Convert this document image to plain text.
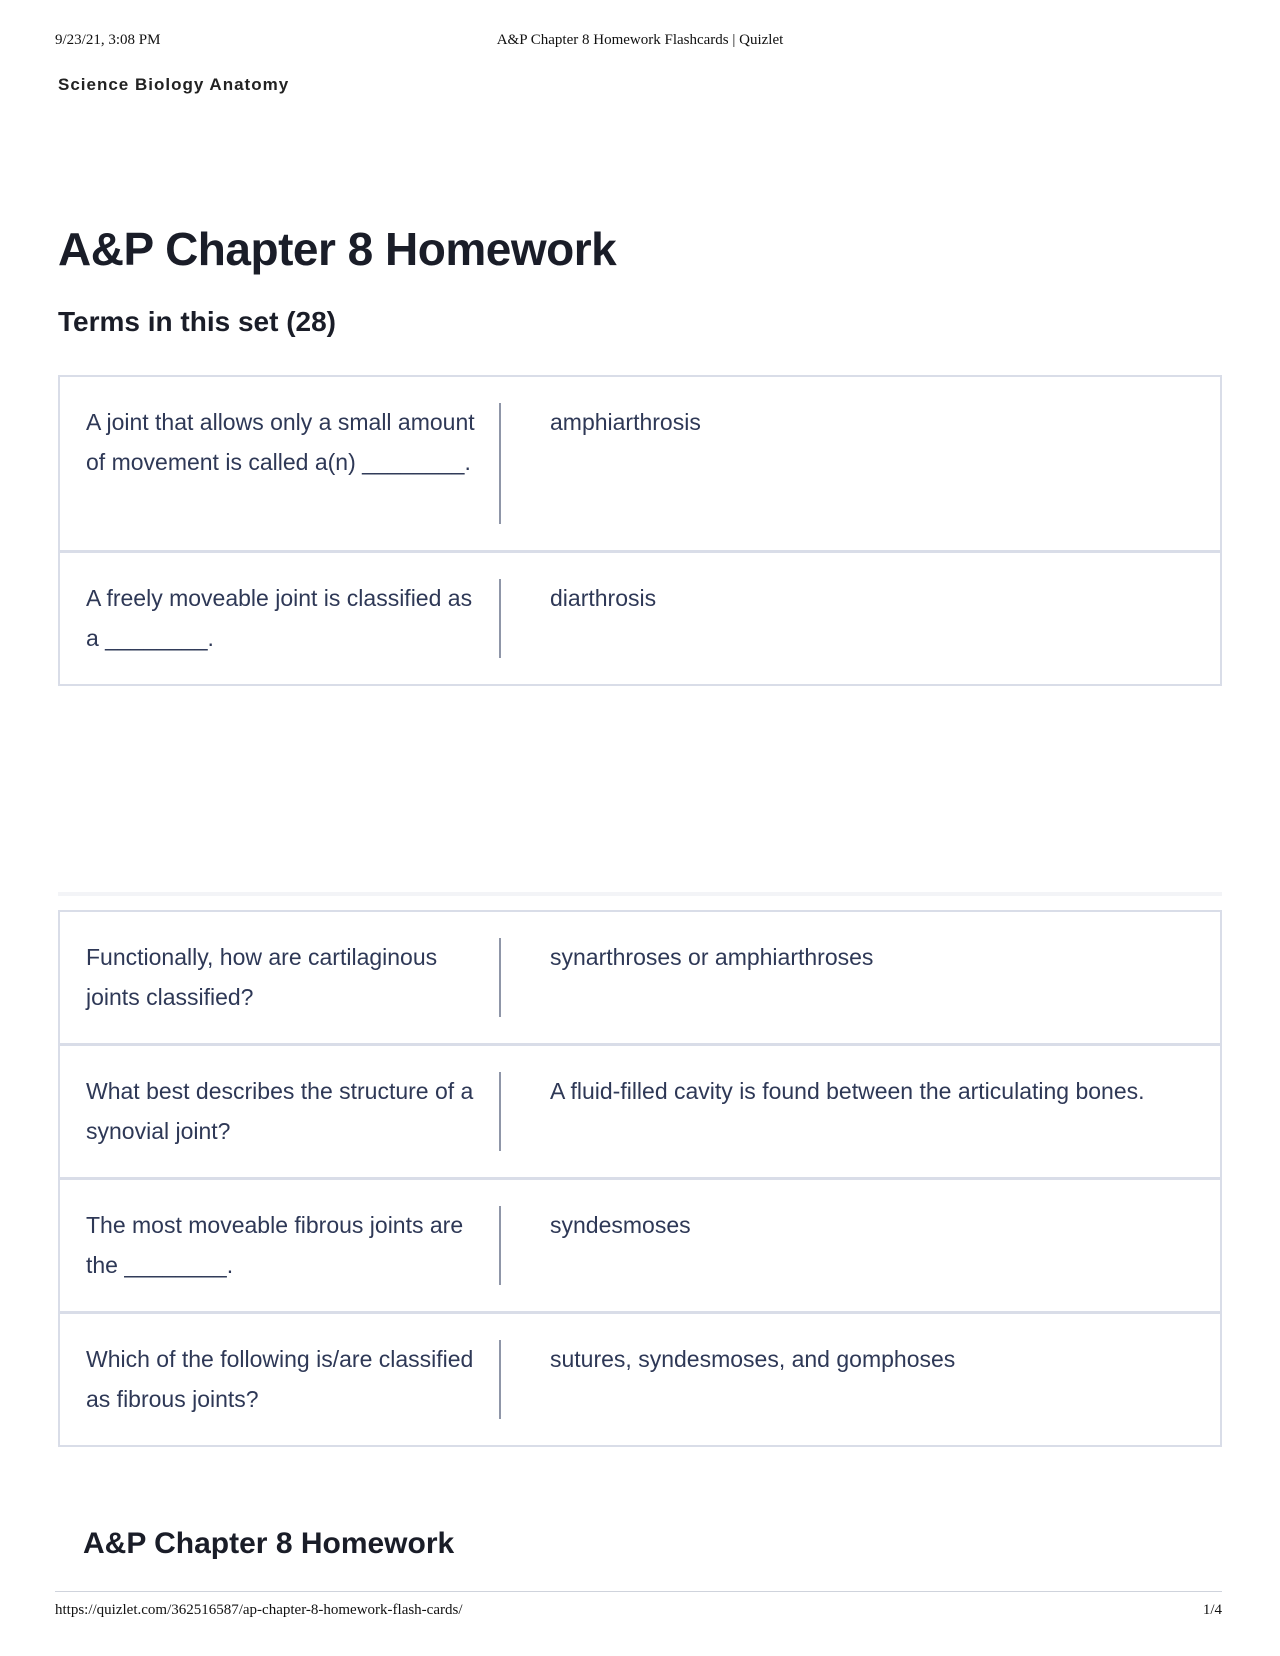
9/23/21, 3:08 PM	A&P Chapter 8 Homework Flashcards | Quizlet
Science Biology Anatomy
A&P Chapter 8 Homework
Terms in this set (28)
A joint that allows only a small amount of movement is called a(n) ________.
amphiarthrosis
A freely moveable joint is classified as a ________.
diarthrosis
Functionally, how are cartilaginous joints classified?
synarthroses or amphiarthroses
What best describes the structure of a synovial joint?
A fluid-filled cavity is found between the articulating bones.
The most moveable fibrous joints are the ________.
syndesmoses
Which of the following is/are classified as fibrous joints?
sutures, syndesmoses, and gomphoses
A&P Chapter 8 Homework
https://quizlet.com/362516587/ap-chapter-8-homework-flash-cards/	1/4
